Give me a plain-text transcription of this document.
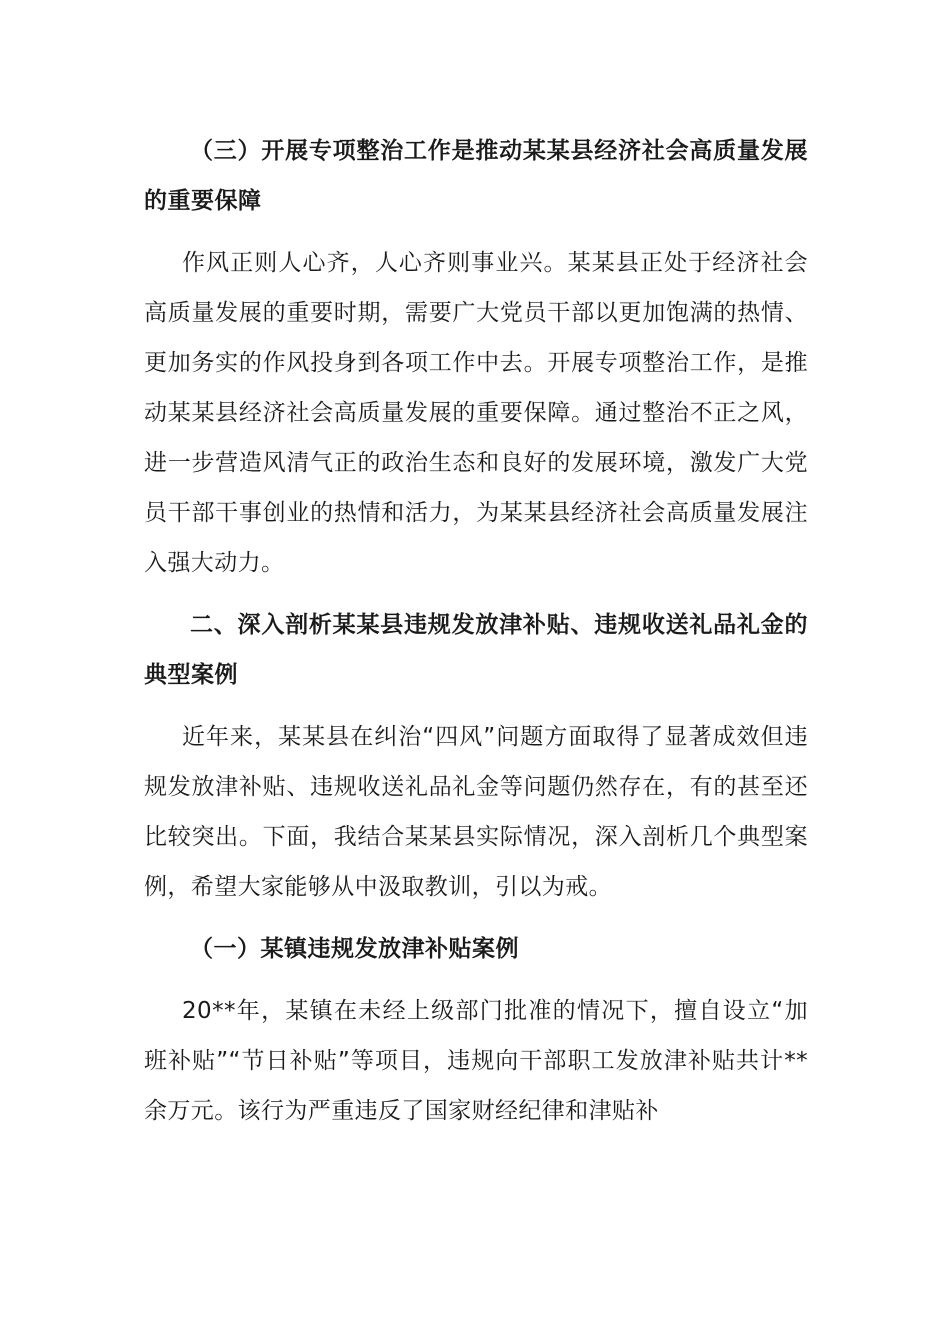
（三）开展专项整治工作是推动某某县经济社会高质量发展的重要保障

作风正则人心齐，人心齐则事业兴。某某县正处于经济社会高质量发展的重要时期，需要广大党员干部以更加饱满的热情、更加务实的作风投身到各项工作中去。开展专项整治工作，是推动某某县经济社会高质量发展的重要保障。通过整治不正之风，进一步营造风清气正的政治生态和良好的发展环境，激发广大党员干部干事创业的热情和活力，为某某县经济社会高质量发展注入强大动力。

二、深入剖析某某县违规发放津补贴、违规收送礼品礼金的典型案例

近年来，某某县在纠治“四风”问题方面取得了显著成效但违规发放津补贴、违规收送礼品礼金等问题仍然存在，有的甚至还比较突出。下面，我结合某某县实际情况，深入剖析几个典型案例，希望大家能够从中汲取教训，引以为戒。

（一）某镇违规发放津补贴案例

20**年，某镇在未经上级部门批准的情况下，擅自设立“加班补贴”“节日补贴”等项目，违规向干部职工发放津补贴共计**余万元。该行为严重违反了国家财经纪律和津贴补
